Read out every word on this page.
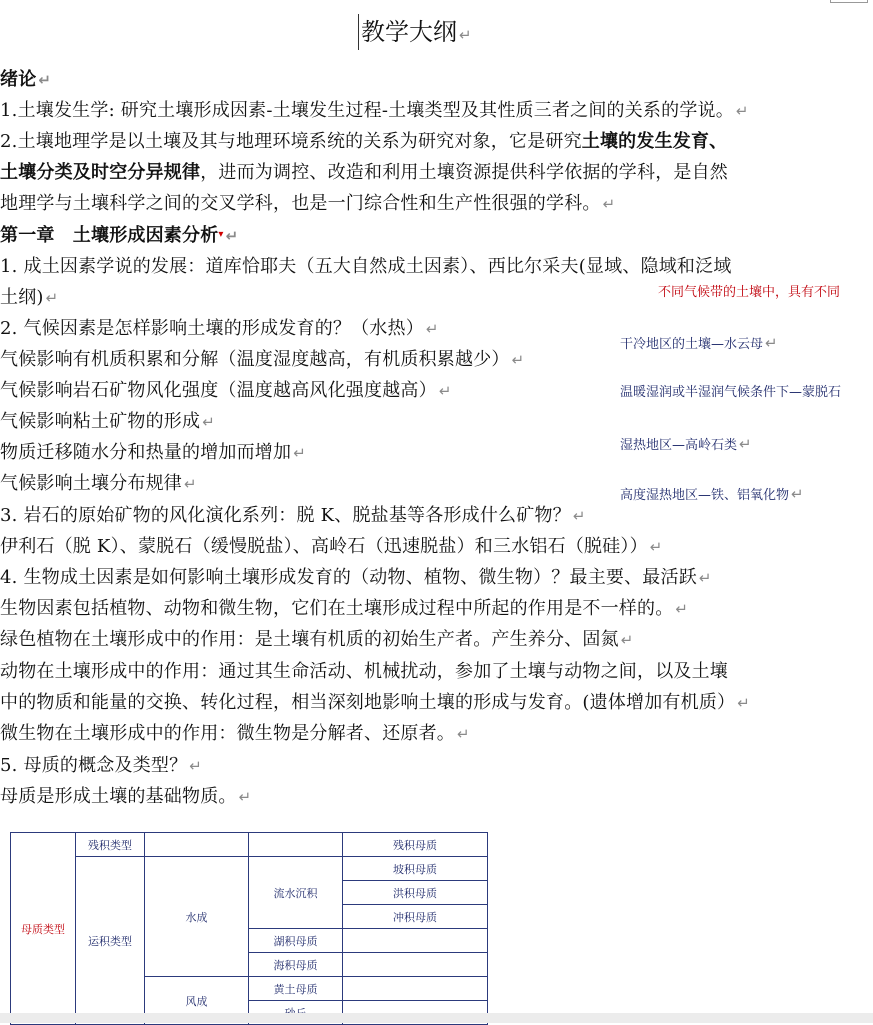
教学大纲 ↵
绪论 ↵
1.土壤发生学: 研究土壤形成因素-土壤发生过程-土壤类型及其性质三者之间的关系的学说。 ↵
2.土壤地理学是以土壤及其与地理环境系统的关系为研究对象，它是研究土壤的发生发育、
土壤分类及时空分异规律，进而为调控、改造和利用土壤资源提供科学依据的学科，是自然
地理学与土壤科学之间的交叉学科，也是一门综合性和生产性很强的学科。 ↵
第一章　土壤形成因素分析▾ ↵
1. 成土因素学说的发展：道库恰耶夫（五大自然成土因素）、西比尔采夫(显域、隐域和泛域
土纲) ↵
2. 气候因素是怎样影响土壤的形成发育的？（水热） ↵
气候影响有机质积累和分解（温度湿度越高，有机质积累越少） ↵
气候影响岩石矿物风化强度（温度越高风化强度越高） ↵
气候影响粘土矿物的形成 ↵
物质迁移随水分和热量的增加而增加 ↵
气候影响土壤分布规律 ↵
3. 岩石的原始矿物的风化演化系列：脱 K、脱盐基等各形成什么矿物？ ↵
伊利石（脱 K）、蒙脱石（缓慢脱盐）、高岭石（迅速脱盐）和三水铝石（脱硅）） ↵
4. 生物成土因素是如何影响土壤形成发育的（动物、植物、微生物）？最主要、最活跃 ↵
生物因素包括植物、动物和微生物，它们在土壤形成过程中所起的作用是不一样的。 ↵
绿色植物在土壤形成中的作用：是土壤有机质的初始生产者。产生养分、固氮 ↵
动物在土壤形成中的作用：通过其生命活动、机械扰动，参加了土壤与动物之间，以及土壤
中的物质和能量的交换、转化过程，相当深刻地影响土壤的形成与发育。(遗体增加有机质） ↵
微生物在土壤形成中的作用：微生物是分解者、还原者。 ↵
5. 母质的概念及类型？ ↵
母质是形成土壤的基础物质。 ↵
不同气候带的土壤中，具有不同
干冷地区的土壤—水云母 ↵
温暖湿润或半湿润气候条件下—蒙脱石
湿热地区—高岭石类 ↵
高度湿热地区—铁、铝氧化物 ↵
母质类型	残积类型			残积母质
	运积类型	水成	流水沉积	坡积母质
				洪积母质
				冲积母质
			湖积母质	
			海积母质	
		风成	黄土母质	
